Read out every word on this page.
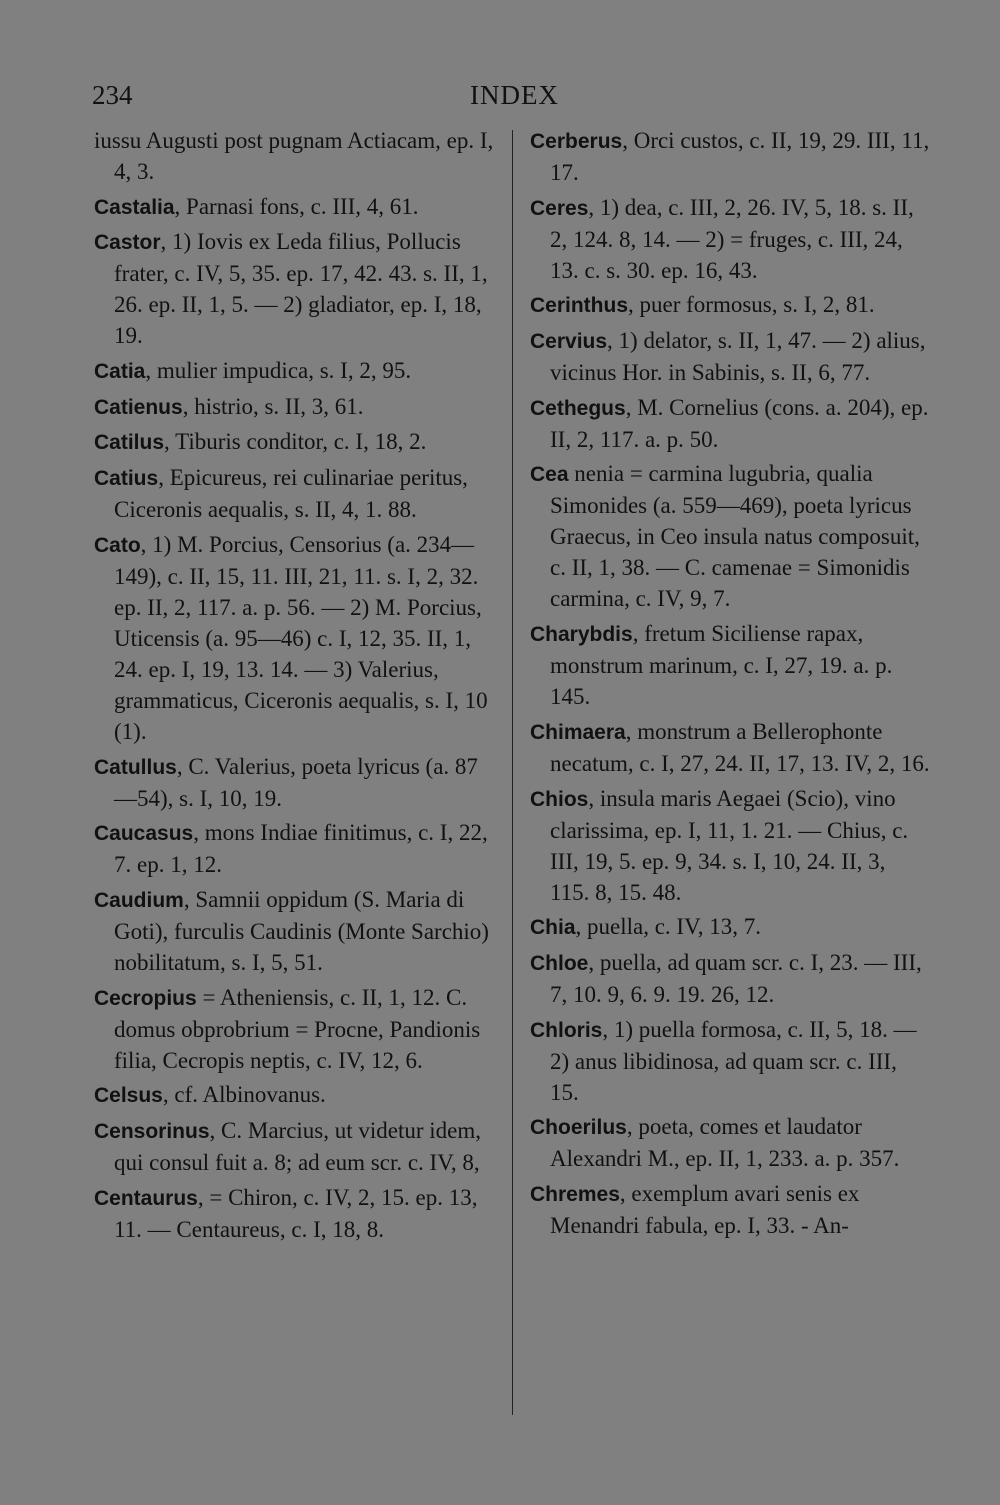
234	INDEX

iussu Augusti post pugnam Actiacam, ep. I, 4, 3.

Castalia, Parnasi fons, c. III, 4, 61.

Castor, 1) Iovis ex Leda filius, Pollucis frater, c. IV, 5, 35. ep. 17, 42. 43. s. II, 1, 26. ep. II, 1, 5. — 2) gladiator, ep. I, 18, 19.

Catia, mulier impudica, s. I, 2, 95.

Catienus, histrio, s. II, 3, 61.

Catilus, Tiburis conditor, c. I, 18, 2.

Catius, Epicureus, rei culinariae peritus, Ciceronis aequalis, s. II, 4, 1. 88.

Cato, 1) M. Porcius, Censorius (a. 234—149), c. II, 15, 11. III, 21, 11. s. I, 2, 32. ep. II, 2, 117. a. p. 56. — 2) M. Porcius, Uticensis (a. 95—46) c. I, 12, 35. II, 1, 24. ep. I, 19, 13. 14. — 3) Valerius, grammaticus, Ciceronis aequalis, s. I, 10 (1).

Catullus, C. Valerius, poeta lyricus (a. 87—54), s. I, 10, 19.

Caucasus, mons Indiae finitimus, c. I, 22, 7. ep. 1, 12.

Caudium, Samnii oppidum (S. Maria di Goti), furculis Caudinis (Monte Sarchio) nobilitatum, s. I, 5, 51.

Cecropius = Atheniensis, c. II, 1, 12. C. domus obprobrium = Procne, Pandionis filia, Cecropis neptis, c. IV, 12, 6.

Celsus, cf. Albinovanus.

Censorinus, C. Marcius, ut videtur idem, qui consul fuit a. 8; ad eum scr. c. IV, 8,

Centaurus, = Chiron, c. IV, 2, 15. ep. 13, 11. — Centaureus, c. I, 18, 8.

Cerberus, Orci custos, c. II, 19, 29. III, 11, 17.

Ceres, 1) dea, c. III, 2, 26. IV, 5, 18. s. II, 2, 124. 8, 14. — 2) = fruges, c. III, 24, 13. c. s. 30. ep. 16, 43.

Cerinthus, puer formosus, s. I, 2, 81.

Cervius, 1) delator, s. II, 1, 47. — 2) alius, vicinus Hor. in Sabinis, s. II, 6, 77.

Cethegus, M. Cornelius (cons. a. 204), ep. II, 2, 117. a. p. 50.

Cea nenia = carmina lugubria, qualia Simonides (a. 559—469), poeta lyricus Graecus, in Ceo insula natus composuit, c. II, 1, 38. — C. camenae = Simonidis carmina, c. IV, 9, 7.

Charybdis, fretum Siciliense rapax, monstrum marinum, c. I, 27, 19. a. p. 145.

Chimaera, monstrum a Bellerophonte necatum, c. I, 27, 24. II, 17, 13. IV, 2, 16.

Chios, insula maris Aegaei (Scio), vino clarissima, ep. I, 11, 1. 21. — Chius, c. III, 19, 5. ep. 9, 34. s. I, 10, 24. II, 3, 115. 8, 15. 48.

Chia, puella, c. IV, 13, 7.

Chloe, puella, ad quam scr. c. I, 23. — III, 7, 10. 9, 6. 9. 19. 26, 12.

Chloris, 1) puella formosa, c. II, 5, 18. — 2) anus libidinosa, ad quam scr. c. III, 15.

Choerilus, poeta, comes et laudator Alexandri M., ep. II, 1, 233. a. p. 357.

Chremes, exemplum avari senis ex Menandri fabula, ep. I, 33. - An-
